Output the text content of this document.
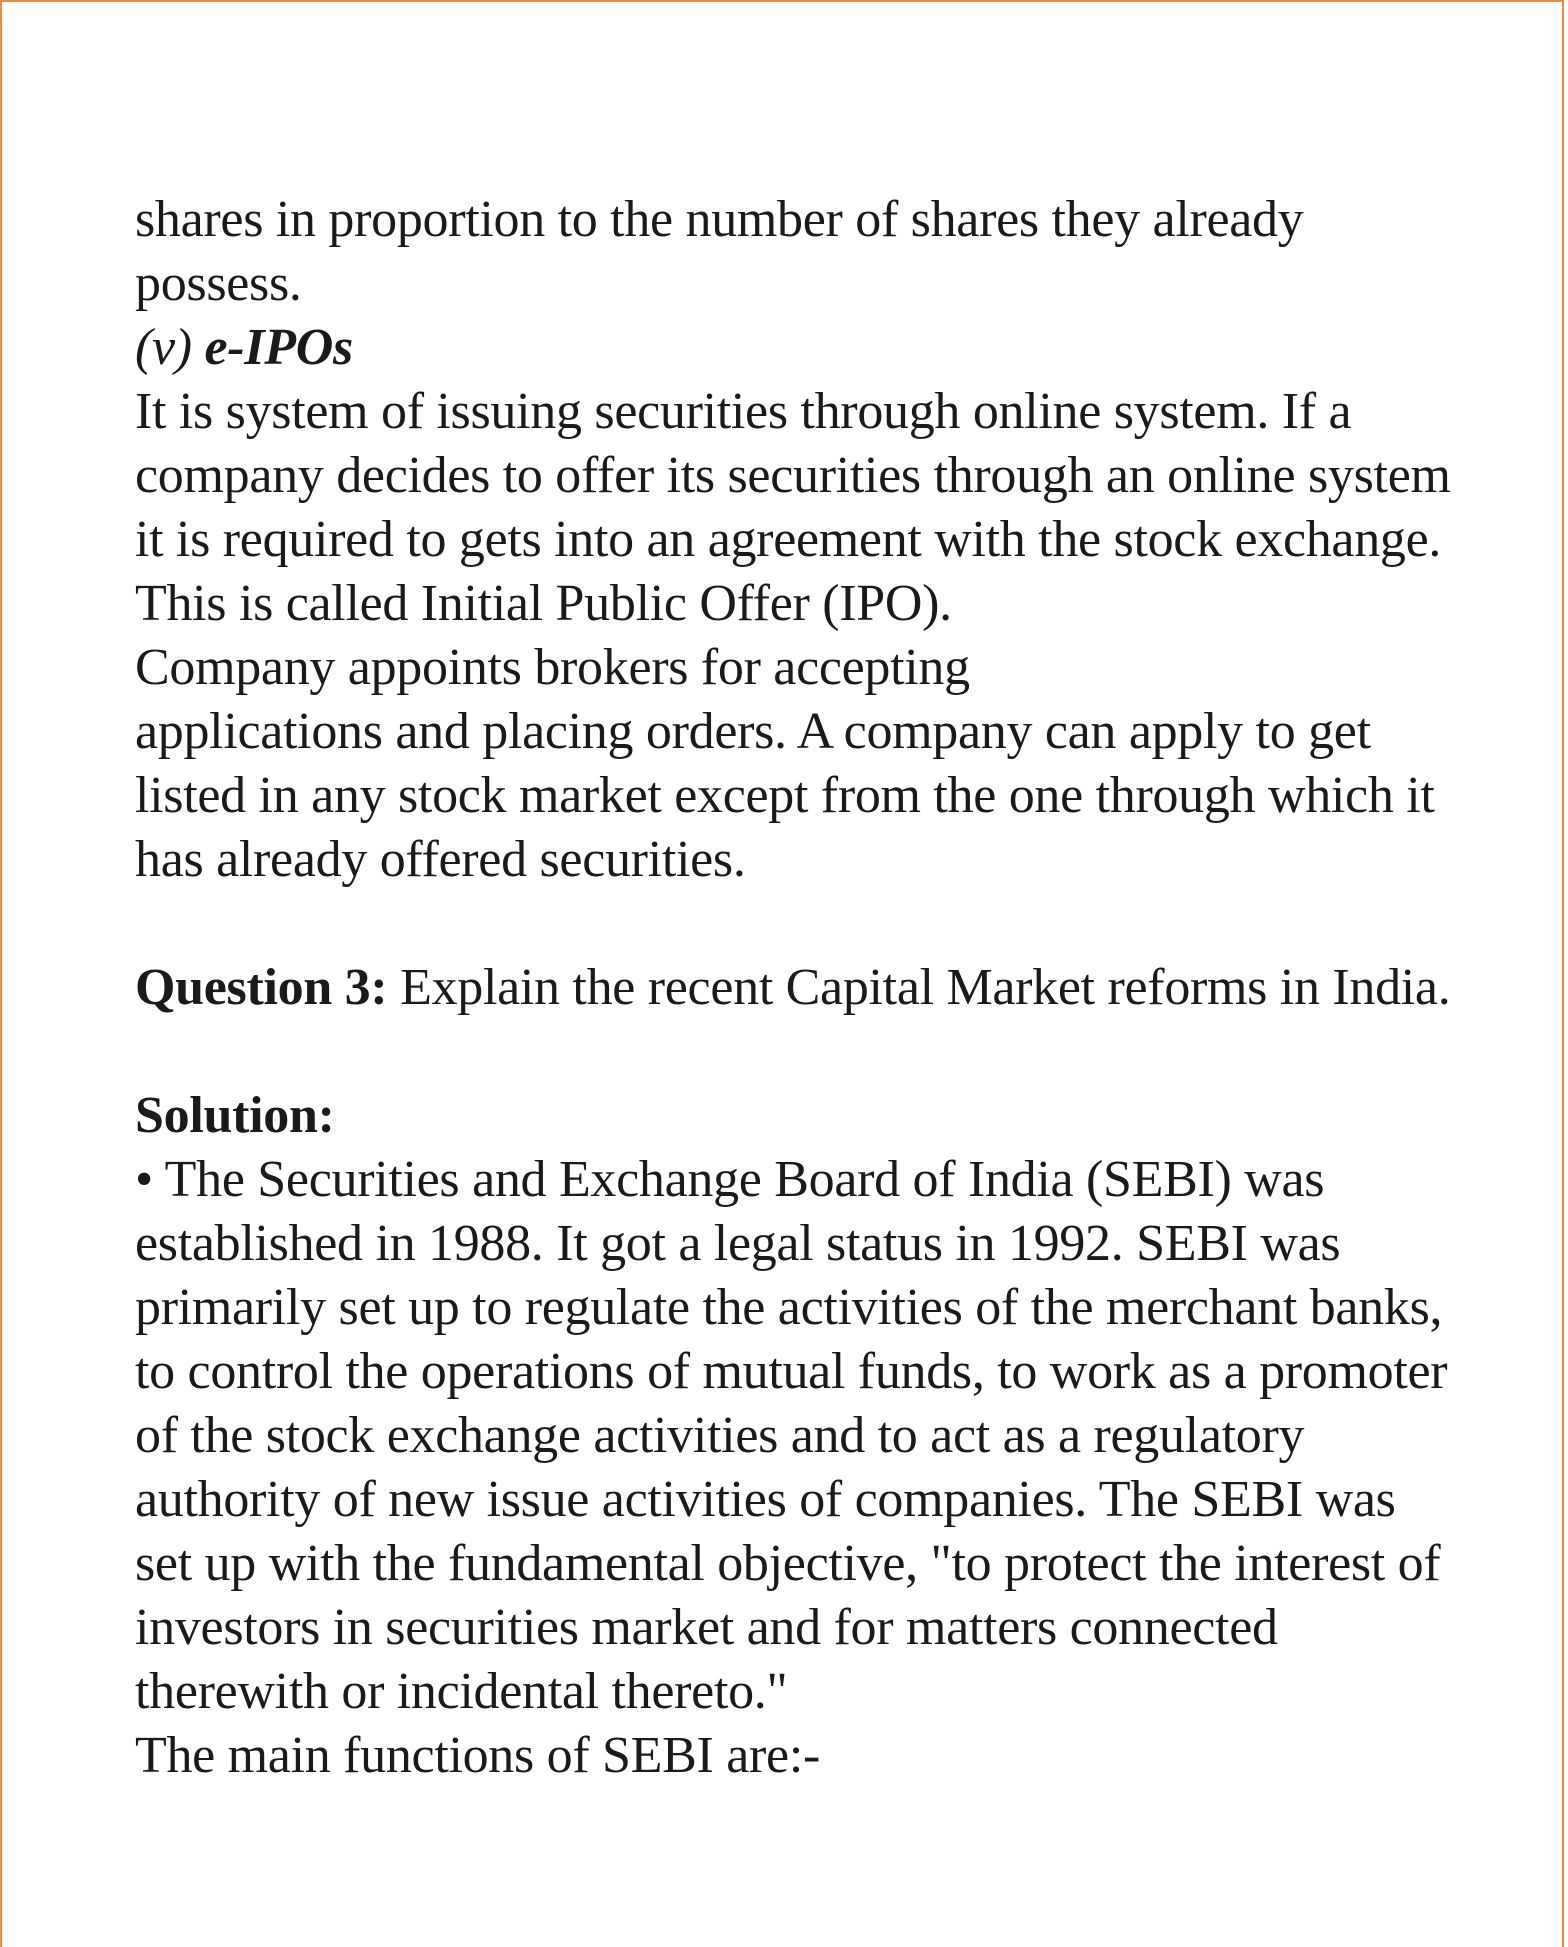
shares in proportion to the number of shares they already possess.

(v) e-IPOs

It is system of issuing securities through online system. If a company decides to offer its securities through an online system it is required to gets into an agreement with the stock exchange. This is called Initial Public Offer (IPO).

Company appoints brokers for accepting

applications and placing orders. A company can apply to get listed in any stock market except from the one through which it has already offered securities.

Question 3: Explain the recent Capital Market reforms in India.

Solution:

• The Securities and Exchange Board of India (SEBI) was established in 1988. It got a legal status in 1992. SEBI was primarily set up to regulate the activities of the merchant banks, to control the operations of mutual funds, to work as a promoter of the stock exchange activities and to act as a regulatory authority of new issue activities of companies. The SEBI was set up with the fundamental objective, "to protect the interest of investors in securities market and for matters connected therewith or incidental thereto."

The main functions of SEBI are:-
